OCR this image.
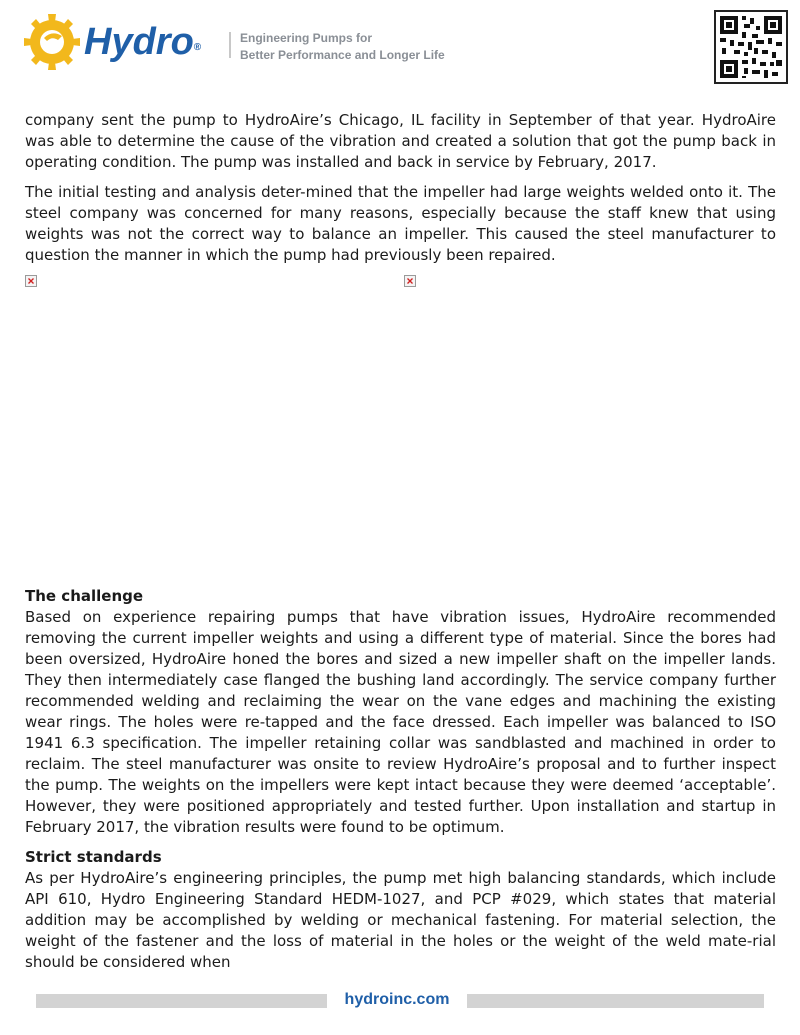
Hydro®
Engineering Pumps for
Better Performance and Longer Life

company sent the pump to HydroAire’s Chicago, IL facility in September of that year. HydroAire was able to determine the cause of the vibration and created a solution that got the pump back in operating condition. The pump was installed and back in service by February, 2017.

The initial testing and analysis deter-mined that the impeller had large weights welded onto it. The steel company was concerned for many reasons, especially because the staff knew that using weights was not the correct way to balance an impeller. This caused the steel manufacturer to question the manner in which the pump had previously been repaired.

The challenge

Based on experience repairing pumps that have vibration issues, HydroAire recommended removing the current impeller weights and using a different type of material. Since the bores had been oversized, HydroAire honed the bores and sized a new impeller shaft on the impeller lands. They then intermediately case flanged the bushing land accordingly. The service company further recommended welding and reclaiming the wear on the vane edges and machining the existing wear rings. The holes were re-tapped and the face dressed. Each impeller was balanced to ISO 1941 6.3 specification. The impeller retaining collar was sandblasted and machined in order to reclaim. The steel manufacturer was onsite to review HydroAire’s proposal and to further inspect the pump. The weights on the impellers were kept intact because they were deemed ‘acceptable’. However, they were positioned appropriately and tested further. Upon installation and startup in February 2017, the vibration results were found to be optimum.

Strict standards

As per HydroAire’s engineering principles, the pump met high balancing standards, which include API 610, Hydro Engineering Standard HEDM-1027, and PCP #029, which states that material addition may be accomplished by welding or mechanical fastening. For material selection, the weight of the fastener and the loss of material in the holes or the weight of the weld mate-rial should be considered when

hydroinc.com
